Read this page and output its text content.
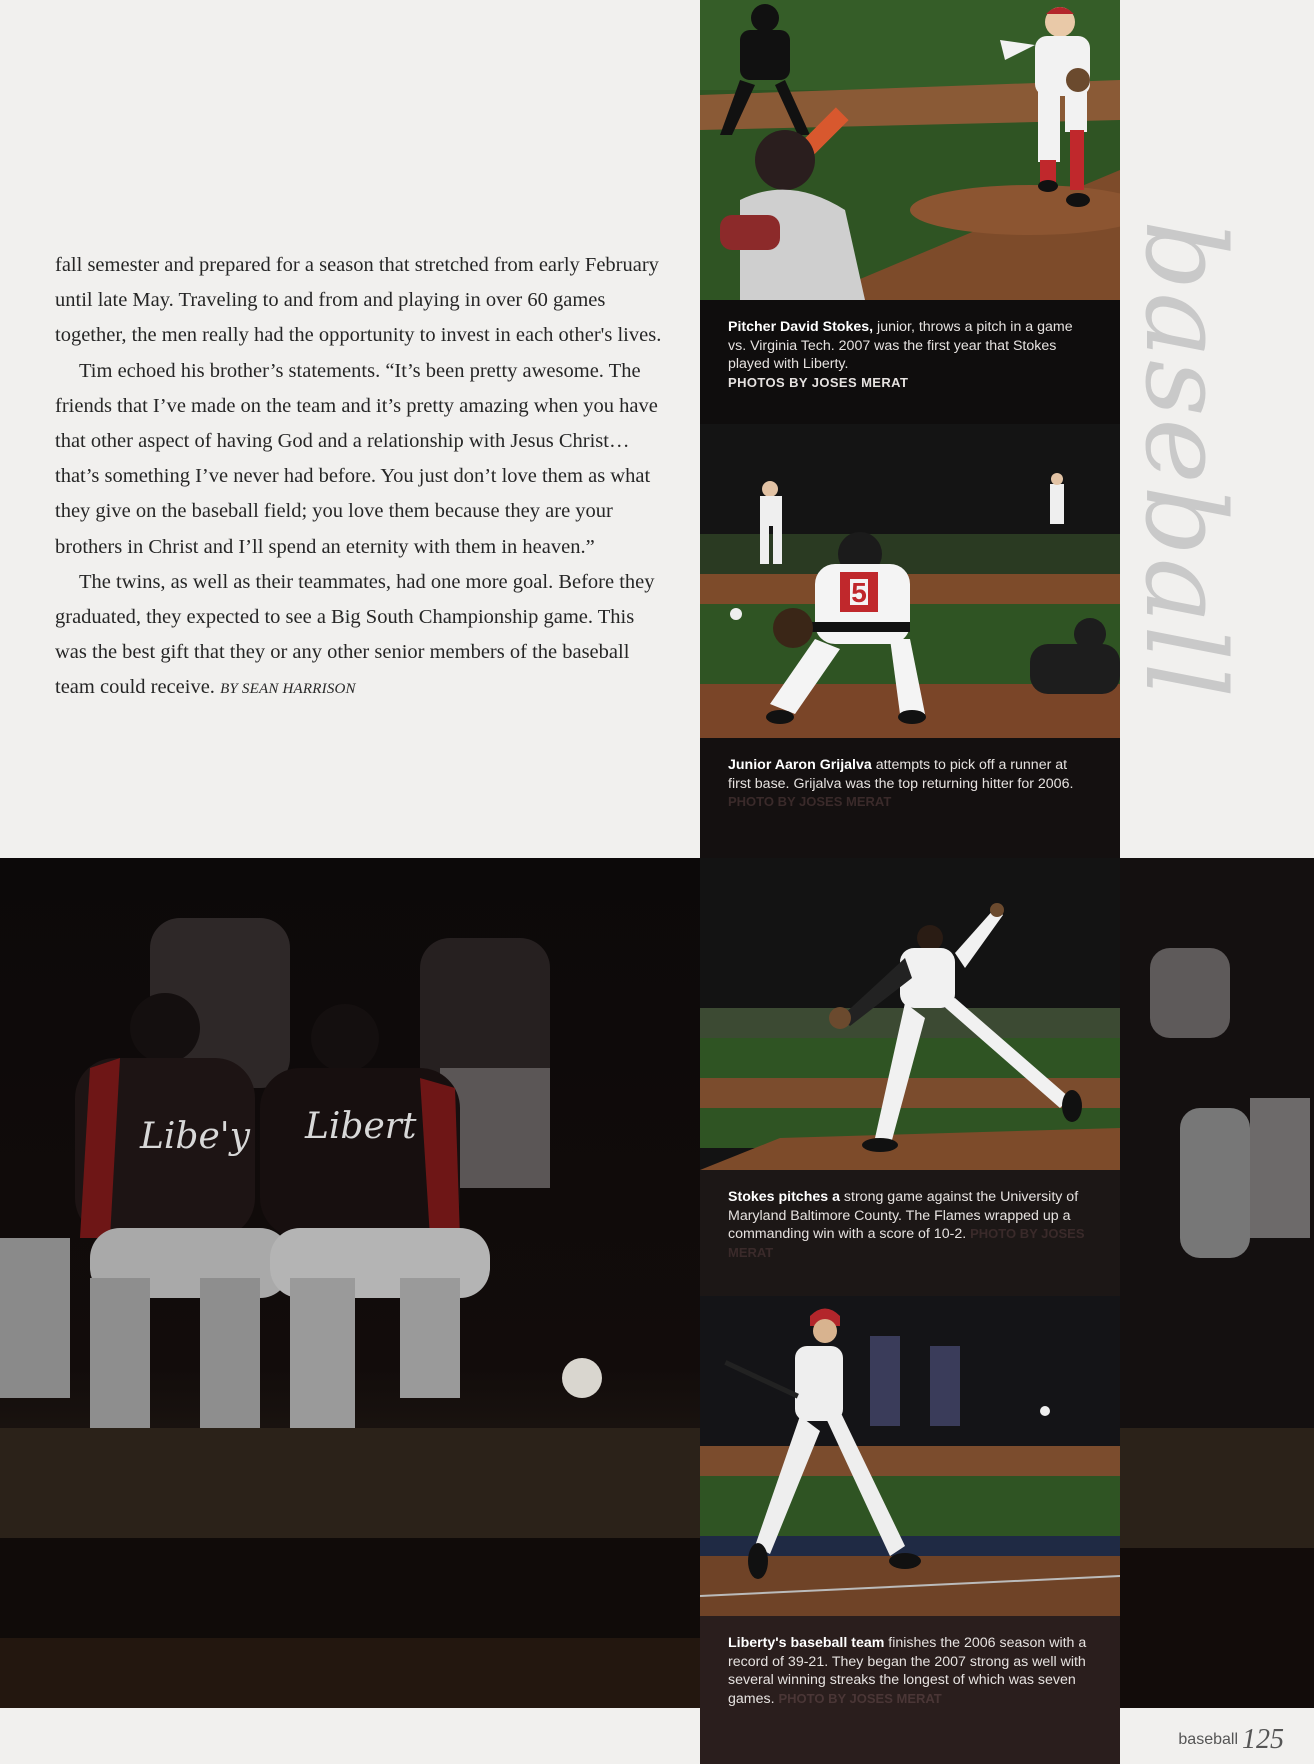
fall semester and prepared for a season that stretched from early February until late May. Traveling to and from and playing in over 60 games together, the men really had the opportunity to invest in each other's lives.

Tim echoed his brother’s statements. “It’s been pretty awesome. The friends that I’ve made on the team and it’s pretty amazing when you have that other aspect of having God and a relationship with Jesus Christ…that’s something I’ve never had before. You just don’t love them as what they give on the baseball field; you love them because they are your brothers in Christ and I’ll spend an eternity with them in heaven.”

The twins, as well as their teammates, had one more goal. Before they graduated, they expected to see a Big South Championship game. This was the best gift that they or any other senior members of the baseball team could receive. BY SEAN HARRISON	baseball
Pitcher David Stokes, junior, throws a pitch in a game vs. Virginia Tech. 2007 was the first year that Stokes played with Liberty.
PHOTOS BY JOSES MERAT
5
Junior Aaron Grijalva attempts to pick off a runner at first base. Grijalva was the top returning hitter for 2006.
PHOTO BY JOSES MERAT
Libe'y Libert
Stokes pitches a strong game against the University of Maryland Baltimore County. The Flames wrapped up a commanding win with a score of 10-2. PHOTO BY JOSES MERAT
Liberty's baseball team finishes the 2006 season with a record of 39-21. They began the 2007 strong as well with several winning streaks the longest of which was seven games. PHOTO BY JOSES MERAT
baseball 125
